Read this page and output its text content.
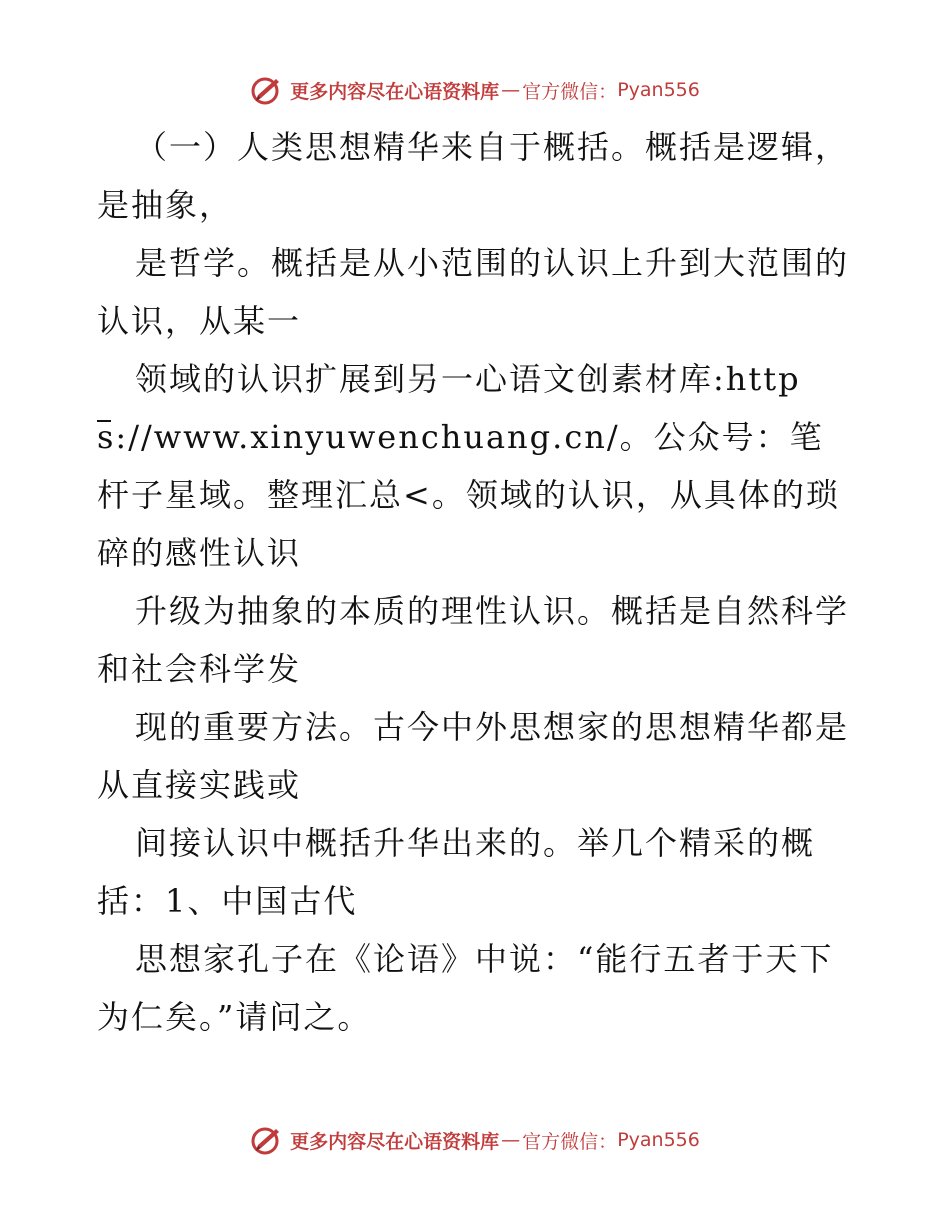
更多内容尽在心语资料库 — 官方微信： Pyan556

（一）人类思想精华来自于概括。概括是逻辑，是抽象，

是哲学。概括是从小范围的认识上升到大范围的认识，从某一

领域的认识扩展到另一心语文创素材库:https://www.xinyuwenchuang.cn/。公众号：笔杆子星域。整理汇总<。领域的认识，从具体的琐碎的感性认识

升级为抽象的本质的理性认识。概括是自然科学和社会科学发

现的重要方法。古今中外思想家的思想精华都是从直接实践或

间接认识中概括升华出来的。举几个精采的概括：1、中国古代

思想家孔子在《论语》中说：“能行五者于天下为仁矣。”请问之。

更多内容尽在心语资料库 — 官方微信： Pyan556
